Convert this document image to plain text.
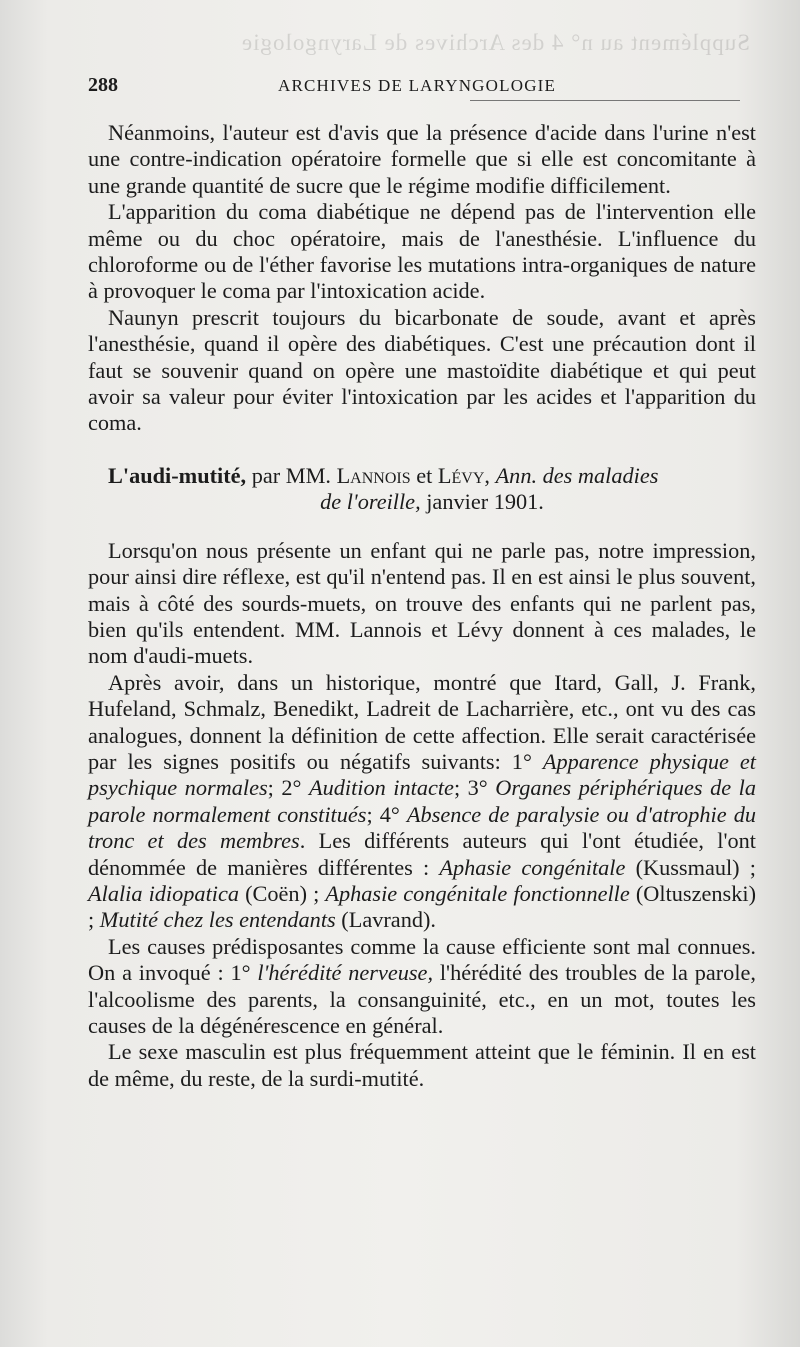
Supplément au n° 4 des Archives de Laryngologie
288	ARCHIVES DE LARYNGOLOGIE

Néanmoins, l'auteur est d'avis que la présence d'acide dans l'urine n'est une contre-indication opératoire formelle que si elle est concomitante à une grande quantité de sucre que le régime modifie difficilement.

L'apparition du coma diabétique ne dépend pas de l'intervention elle même ou du choc opératoire, mais de l'anesthésie. L'influence du chloroforme ou de l'éther favorise les mutations intra-organiques de nature à provoquer le coma par l'intoxication acide.

Naunyn prescrit toujours du bicarbonate de soude, avant et après l'anesthésie, quand il opère des diabétiques. C'est une précaution dont il faut se souvenir quand on opère une mastoïdite diabétique et qui peut avoir sa valeur pour éviter l'intoxication par les acides et l'apparition du coma.

L'audi-mutité, par MM. Lannois et Lévy, Ann. des maladies
de l'oreille, janvier 1901.

Lorsqu'on nous présente un enfant qui ne parle pas, notre impression, pour ainsi dire réflexe, est qu'il n'entend pas. Il en est ainsi le plus souvent, mais à côté des sourds-muets, on trouve des enfants qui ne parlent pas, bien qu'ils entendent. MM. Lannois et Lévy donnent à ces malades, le nom d'audi-muets.

Après avoir, dans un historique, montré que Itard, Gall, J. Frank, Hufeland, Schmalz, Benedikt, Ladreit de Lacharrière, etc., ont vu des cas analogues, donnent la définition de cette affection. Elle serait caractérisée par les signes positifs ou négatifs suivants: 1° Apparence physique et psychique normales; 2° Audition intacte; 3° Organes périphériques de la parole normalement constitués; 4° Absence de paralysie ou d'atrophie du tronc et des membres. Les différents auteurs qui l'ont étudiée, l'ont dénommée de manières différentes : Aphasie congénitale (Kussmaul) ; Alalia idiopatica (Coën) ; Aphasie congénitale fonctionnelle (Oltuszenski) ; Mutité chez les entendants (Lavrand).

Les causes prédisposantes comme la cause efficiente sont mal connues. On a invoqué : 1° l'hérédité nerveuse, l'hérédité des troubles de la parole, l'alcoolisme des parents, la consanguinité, etc., en un mot, toutes les causes de la dégénérescence en général.

Le sexe masculin est plus fréquemment atteint que le féminin. Il en est de même, du reste, de la surdi-mutité.
